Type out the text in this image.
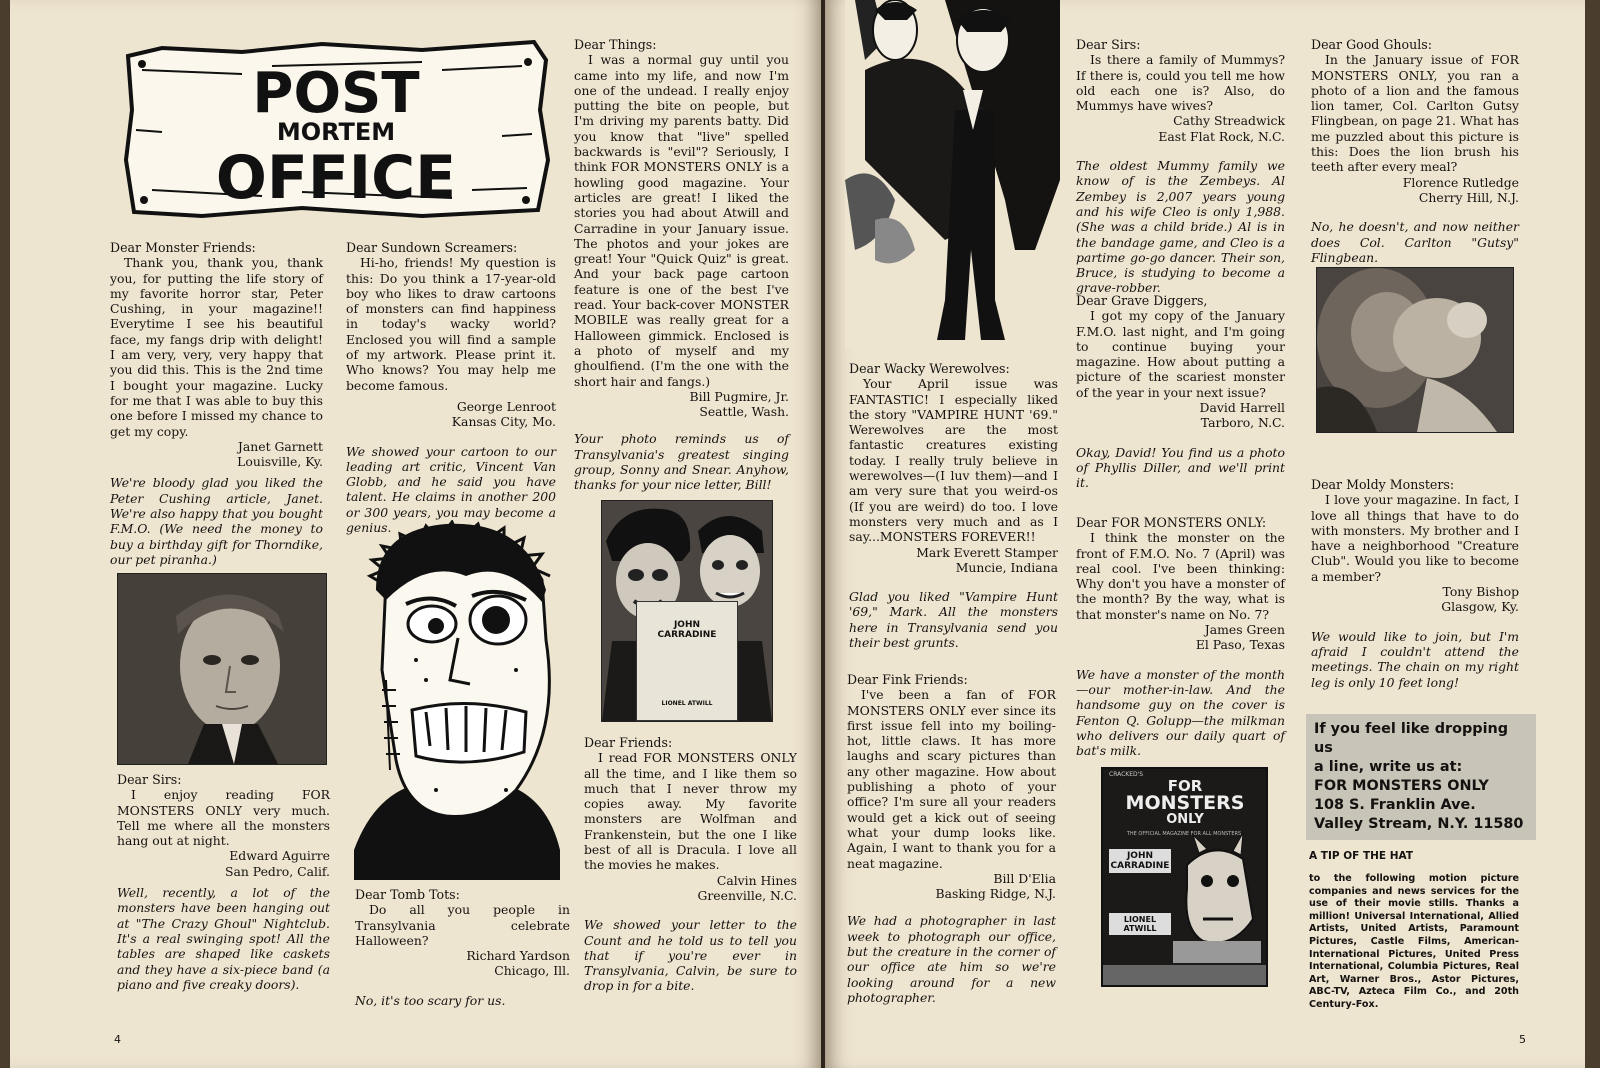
POST
MORTEM
OFFICE

Dear Monster Friends:

Thank you, thank you, thank you, for putting the life story of my favorite horror star, Peter Cushing, in your magazine!! Everytime I see his beautiful face, my fangs drip with delight! I am very, very, very happy that you did this. This is the 2nd time I bought your magazine. Lucky for me that I was able to buy this one before I missed my chance to get my copy.

Janet Garnett

Louisville, Ky.

We're bloody glad you liked the Peter Cushing article, Janet. We're also happy that you bought F.M.O. (We need the money to buy a birthday gift for Thorndike, our pet piranha.)

Dear Sirs:

I enjoy reading FOR MONSTERS ONLY very much. Tell me where all the monsters hang out at night.

Edward Aguirre

San Pedro, Calif.

Well, recently, a lot of the monsters have been hanging out at "The Crazy Ghoul" Nightclub. It's a real swinging spot! All the tables are shaped like caskets and they have a six-piece band (a piano and five creaky doors).

Dear Sundown Screamers:

Hi-ho, friends! My question is this: Do you think a 17-year-old boy who likes to draw cartoons of monsters can find happiness in today's wacky world? Enclosed you will find a sample of my artwork. Please print it. Who knows? You may help me become famous.

George Lenroot

Kansas City, Mo.

We showed your cartoon to our leading art critic, Vincent Van Globb, and he said you have talent. He claims in another 200 or 300 years, you may become a genius.

Dear Tomb Tots:

Do all you people in Transylvania celebrate Halloween?

Richard Yardson

Chicago, Ill.

No, it's too scary for us.

Dear Things:

I was a normal guy until you came into my life, and now I'm one of the undead. I really enjoy putting the bite on people, but I'm driving my parents batty. Did you know that "live" spelled backwards is "evil"? Seriously, I think FOR MONSTERS ONLY is a howling good magazine. Your articles are great! I liked the stories you had about Atwill and Carradine in your January issue. The photos and your jokes are great! Your "Quick Quiz" is great. And your back page cartoon feature is one of the best I've read. Your back-cover MONSTER MOBILE was really great for a Halloween gimmick. Enclosed is a photo of myself and my ghoulfiend. (I'm the one with the short hair and fangs.)

Bill Pugmire, Jr.

Seattle, Wash.

Your photo reminds us of Transylvania's greatest singing group, Sonny and Snear. Anyhow, thanks for your nice letter, Bill!

JOHN
CARRADINE
LIONEL ATWILL

Dear Friends:

I read FOR MONSTERS ONLY all the time, and I like them so much that I never throw my copies away. My favorite monsters are Wolfman and Frankenstein, but the one I like best of all is Dracula. I love all the movies he makes.

Calvin Hines

Greenville, N.C.

We showed your letter to the Count and he told us to tell you that if you're ever in Transylvania, Calvin, be sure to drop in for a bite.

4

Dear Wacky Werewolves:

Your April issue was FANTASTIC! I especially liked the story "VAMPIRE HUNT '69." Werewolves are the most fantastic creatures existing today. I really truly believe in werewolves—(I luv them)—and I am very sure that you weird-os (If you are weird) do too. I love monsters very much and as I say...MONSTERS FOREVER!!

Mark Everett Stamper

Muncie, Indiana

Glad you liked "Vampire Hunt '69," Mark. All the monsters here in Transylvania send you their best grunts.

Dear Fink Friends:

I've been a fan of FOR MONSTERS ONLY ever since its first issue fell into my boiling-hot, little claws. It has more laughs and scary pictures than any other magazine. How about publishing a photo of your office? I'm sure all your readers would get a kick out of seeing what your dump looks like. Again, I want to thank you for a neat magazine.

Bill D'Elia

Basking Ridge, N.J.

We had a photographer in last week to photograph our office, but the creature in the corner of our office ate him so we're looking around for a new photographer.

Dear Sirs:

Is there a family of Mummys? If there is, could you tell me how old each one is? Also, do Mummys have wives?

Cathy Streadwick

East Flat Rock, N.C.

The oldest Mummy family we know of is the Zembeys. Al Zembey is 2,007 years young and his wife Cleo is only 1,988. (She was a child bride.) Al is in the bandage game, and Cleo is a partime go-go dancer. Their son, Bruce, is studying to become a grave-robber.

Dear Grave Diggers,

I got my copy of the January F.M.O. last night, and I'm going to continue buying your magazine. How about putting a picture of the scariest monster of the year in your next issue?

David Harrell

Tarboro, N.C.

Okay, David! You find us a photo of Phyllis Diller, and we'll print it.

Dear FOR MONSTERS ONLY:

I think the monster on the front of F.M.O. No. 7 (April) was real cool. I've been thinking: Why don't you have a monster of the month? By the way, what is that monster's name on No. 7?

James Green

El Paso, Texas

We have a monster of the month—our mother-in-law. And the handsome guy on the cover is Fenton Q. Golupp—the milkman who delivers our daily quart of bat's milk.

CRACKED'S
FOR
MONSTERS
ONLY
THE OFFICIAL MAGAZINE FOR ALL MONSTERS
JOHN CARRADINE
LIONEL ATWILL

Dear Good Ghouls:

In the January issue of FOR MONSTERS ONLY, you ran a photo of a lion and the famous lion tamer, Col. Carlton Gutsy Flingbean, on page 21. What has me puzzled about this picture is this: Does the lion brush his teeth after every meal?

Florence Rutledge

Cherry Hill, N.J.

No, he doesn't, and now neither does Col. Carlton "Gutsy" Flingbean.

Dear Moldy Monsters:

I love your magazine. In fact, I love all things that have to do with monsters. My brother and I have a neighborhood "Creature Club". Would you like to become a member?

Tony Bishop

Glasgow, Ky.

We would like to join, but I'm afraid I couldn't attend the meetings. The chain on my right leg is only 10 feet long!

If you feel like dropping us
a line, write us at:
FOR MONSTERS ONLY
108 S. Franklin Ave.
Valley Stream, N.Y. 11580
A TIP OF THE HAT
to the following motion picture companies and news services for the use of their movie stills. Thanks a million! Universal International, Allied Artists, United Artists, Paramount Pictures, Castle Films, American-International Pictures, United Press International, Columbia Pictures, Real Art, Warner Bros., Astor Pictures, ABC-TV, Azteca Film Co., and 20th Century-Fox.
5
